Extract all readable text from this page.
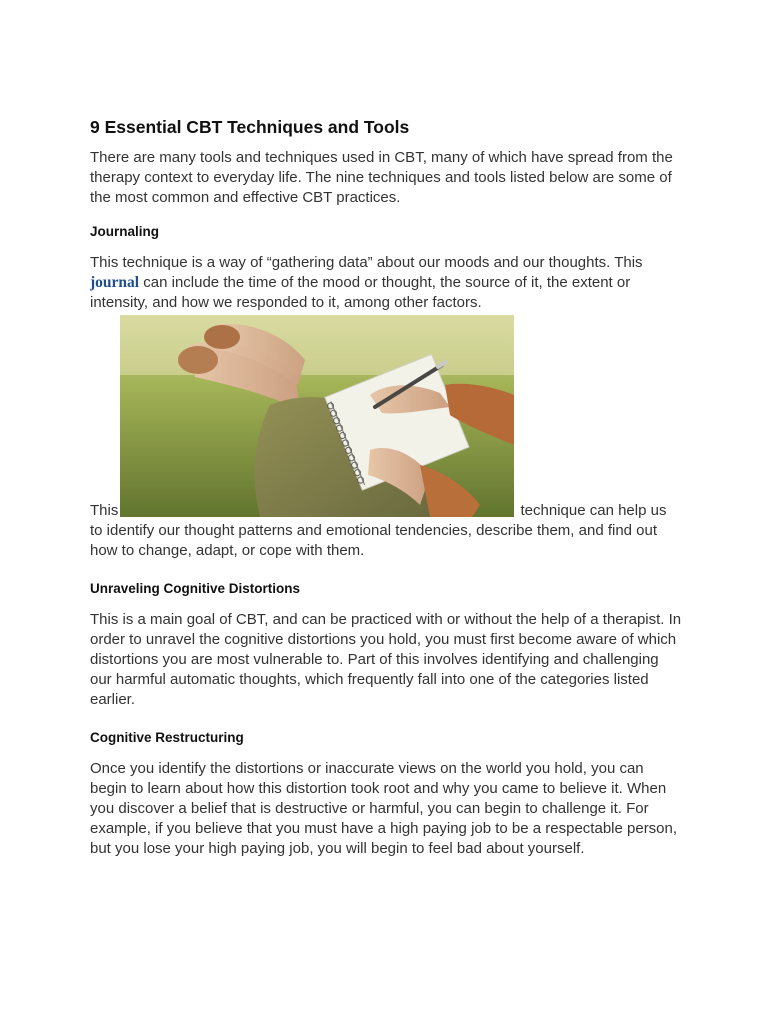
9 Essential CBT Techniques and Tools

There are many tools and techniques used in CBT, many of which have spread from the therapy context to everyday life. The nine techniques and tools listed below are some of the most common and effective CBT practices.

Journaling

This technique is a way of “gathering data” about our moods and our thoughts. This journal can include the time of the mood or thought, the source of it, the extent or intensity, and how we responded to it, among other factors.

This	technique can help us to identify our thought patterns and emotional tendencies, describe them, and find out how to change, adapt, or cope with them.

Unraveling Cognitive Distortions

This is a main goal of CBT, and can be practiced with or without the help of a therapist. In order to unravel the cognitive distortions you hold, you must first become aware of which distortions you are most vulnerable to. Part of this involves identifying and challenging our harmful automatic thoughts, which frequently fall into one of the categories listed earlier.

Cognitive Restructuring

Once you identify the distortions or inaccurate views on the world you hold, you can begin to learn about how this distortion took root and why you came to believe it. When you discover a belief that is destructive or harmful, you can begin to challenge it. For example, if you believe that you must have a high paying job to be a respectable person, but you lose your high paying job, you will begin to feel bad about yourself.
